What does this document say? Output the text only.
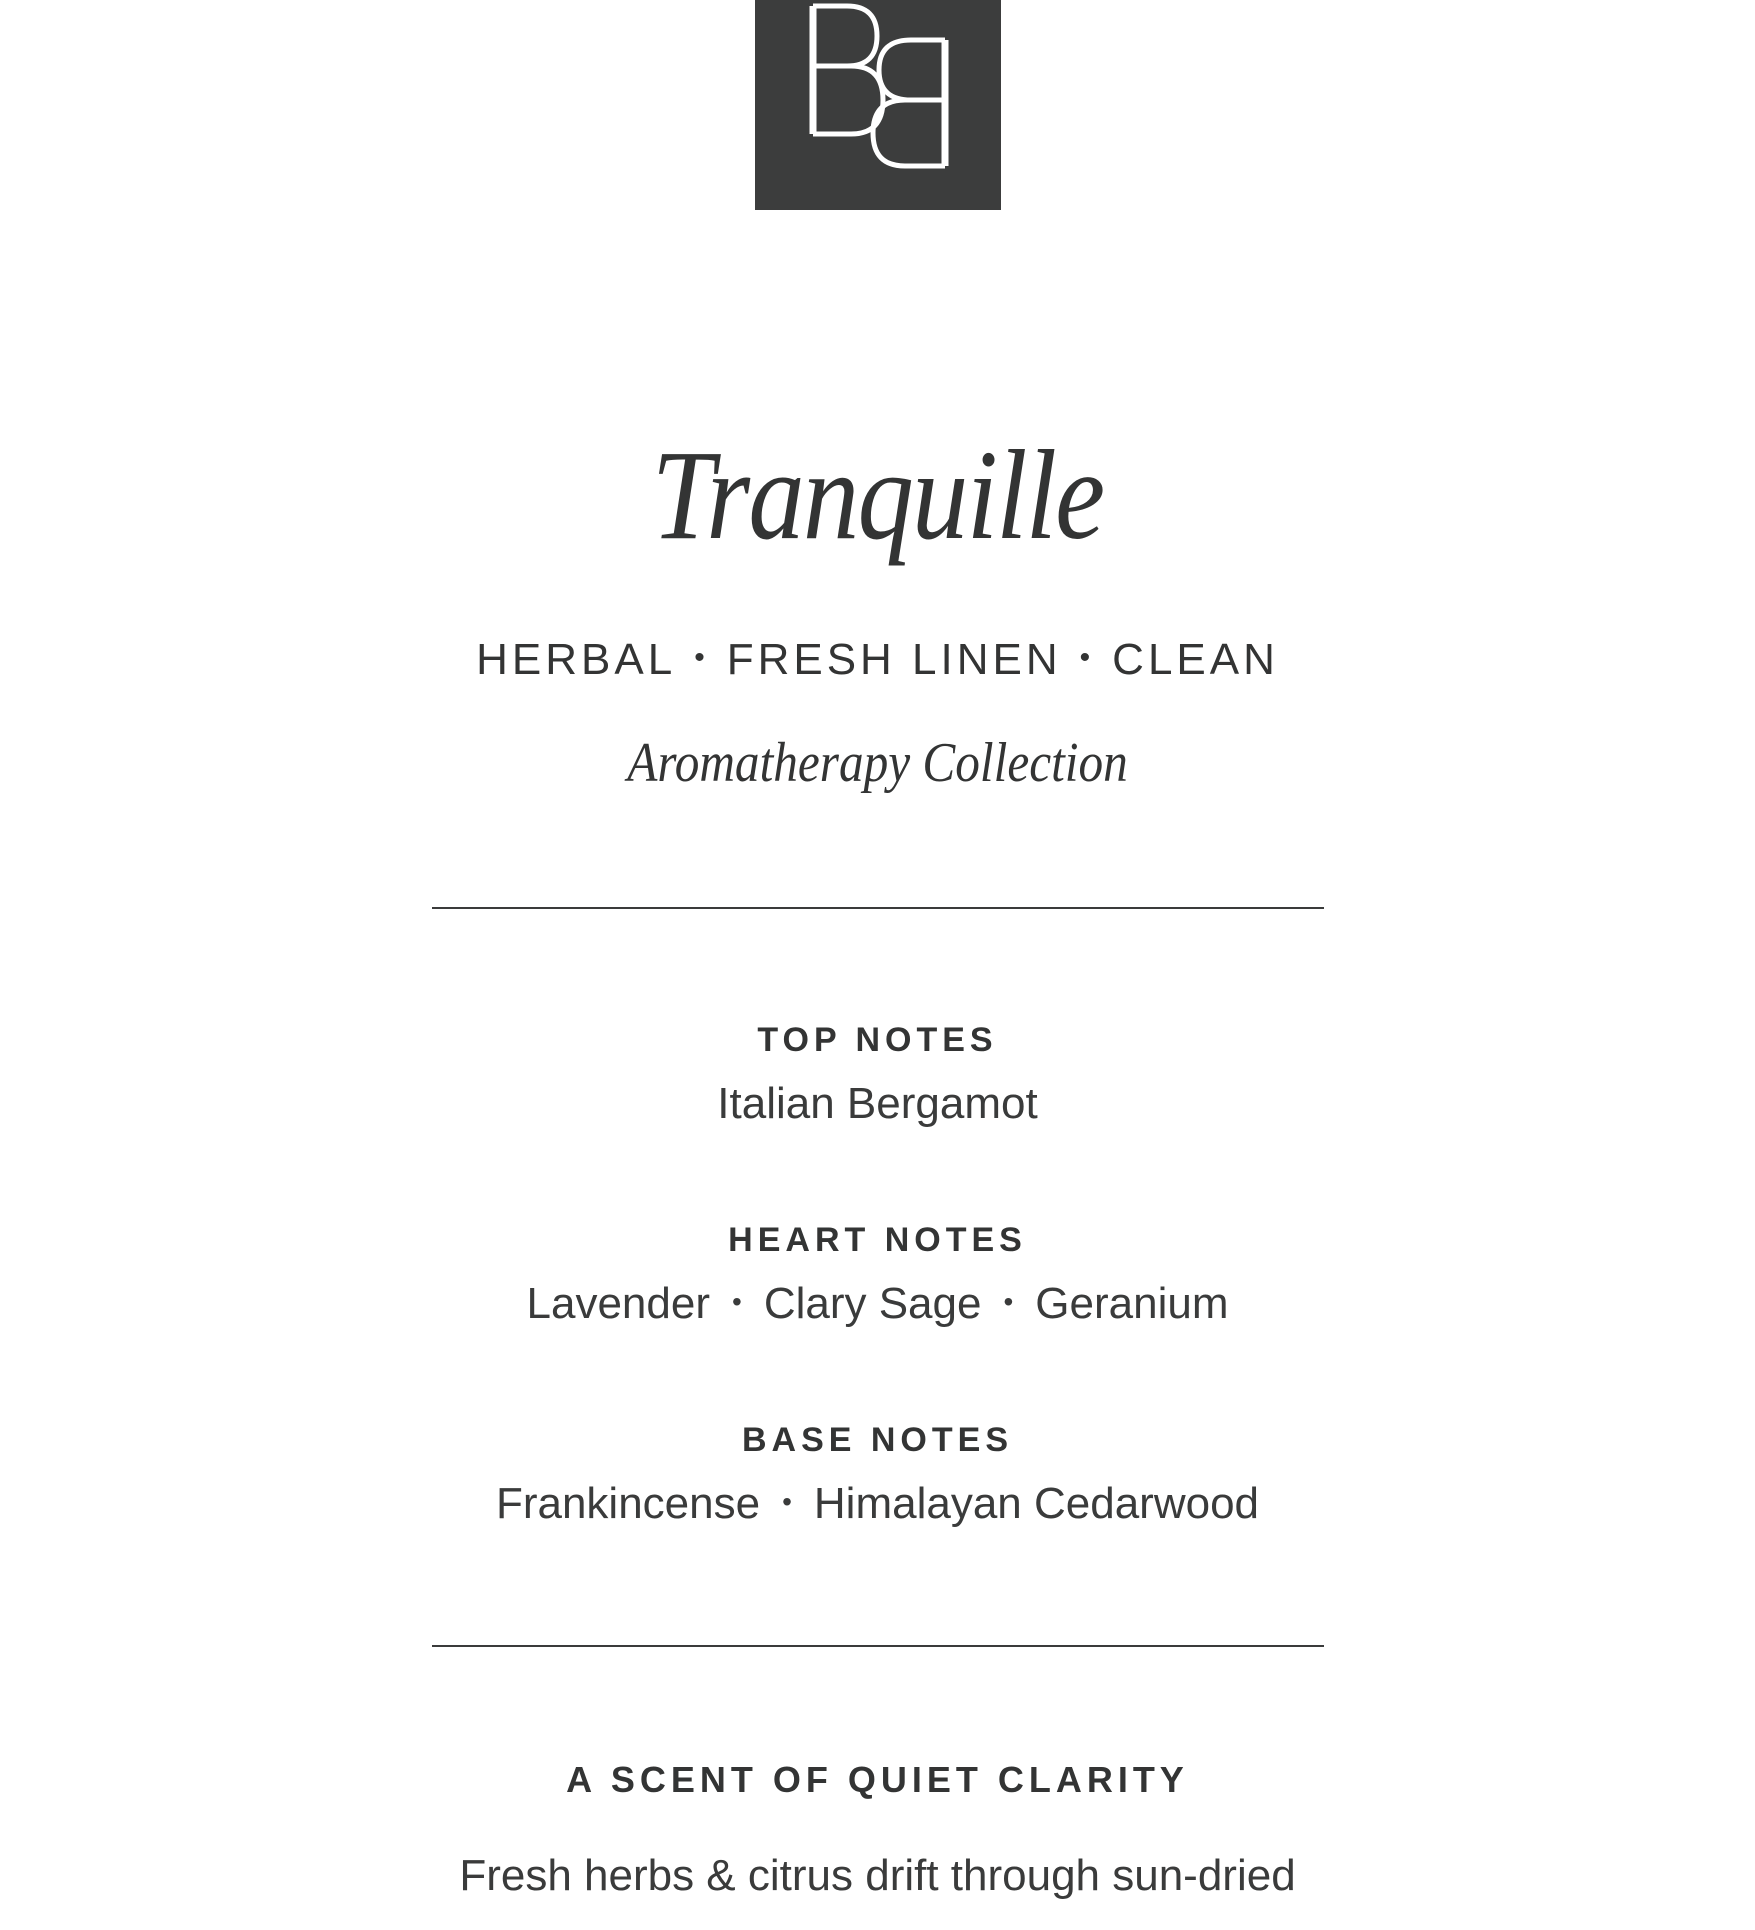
Tranquille
HERBAL • FRESH LINEN • CLEAN
Aromatherapy Collection
TOP NOTES
Italian Bergamot
HEART NOTES
Lavender • Clary Sage • Geranium
BASE NOTES
Frankincense • Himalayan Cedarwood
A SCENT OF QUIET CLARITY
Fresh herbs & citrus drift through sun-dried
